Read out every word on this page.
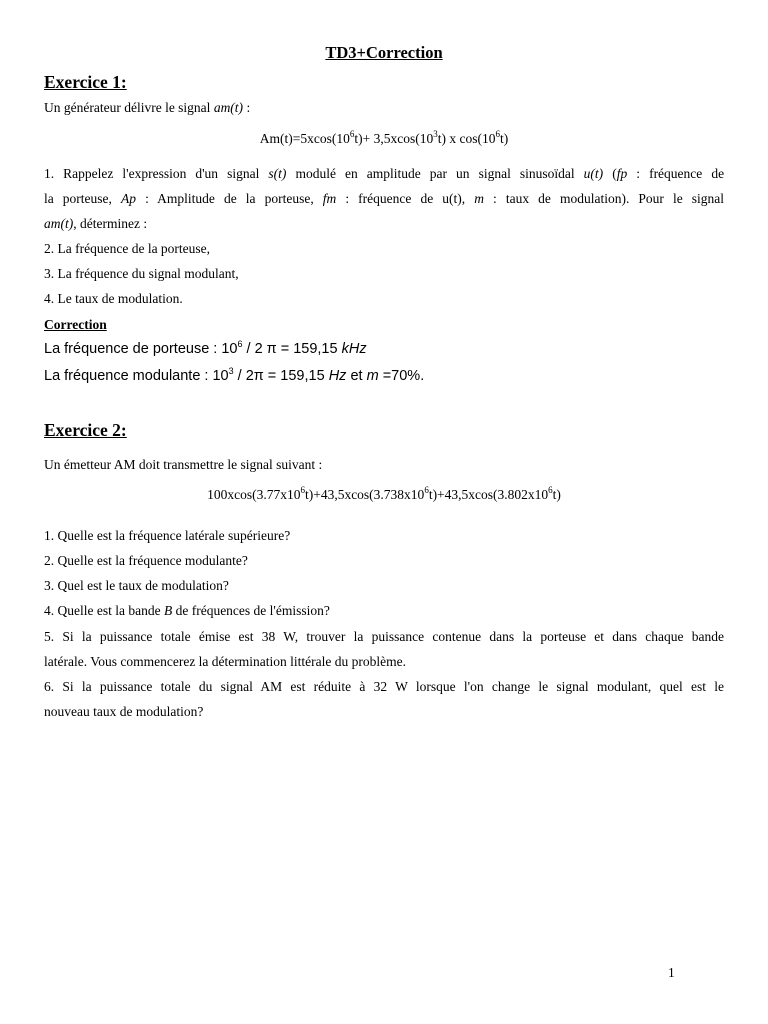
TD3+Correction
Exercice 1:
Un générateur délivre le signal am(t) :
$Am(t)=5xcos(10^6t)+ 3,5xcos(10^3t)$ x $\cos(10^6t)$
1. Rappelez l'expression d'un signal s(t) modulé en amplitude par un signal sinusoïdal u(t) (fp : fréquence de
la porteuse, Ap : Amplitude de la porteuse, fm : fréquence de u(t), m : taux de modulation). Pour le signal
am(t), déterminez :
2. La fréquence de la porteuse,
3. La fréquence du signal modulant,
4. Le taux de modulation.
Correction
La fréquence de porteuse : $10^6 / 2$ π = 159,15 kHz
La fréquence modulante : $10^3 / 2\pi = 159,15$ Hz et m =70%.
Exercice 2:
Un émetteur AM doit transmettre le signal suivant :
$100xcos(3.77x10^6t)+43,5xcos(3.738x10^6t)+43,5xcos(3.802x10^6t)$
1. Quelle est la fréquence latérale supérieure?
2. Quelle est la fréquence modulante?
3. Quel est le taux de modulation?
4. Quelle est la bande B de fréquences de l'émission?
5. Si la puissance totale émise est 38 W, trouver la puissance contenue dans la porteuse et dans chaque bande
latérale. Vous commencerez la détermination littérale du problème.
6. Si la puissance totale du signal AM est réduite à 32 W lorsque l'on change le signal modulant, quel est le
nouveau taux de modulation?
1
